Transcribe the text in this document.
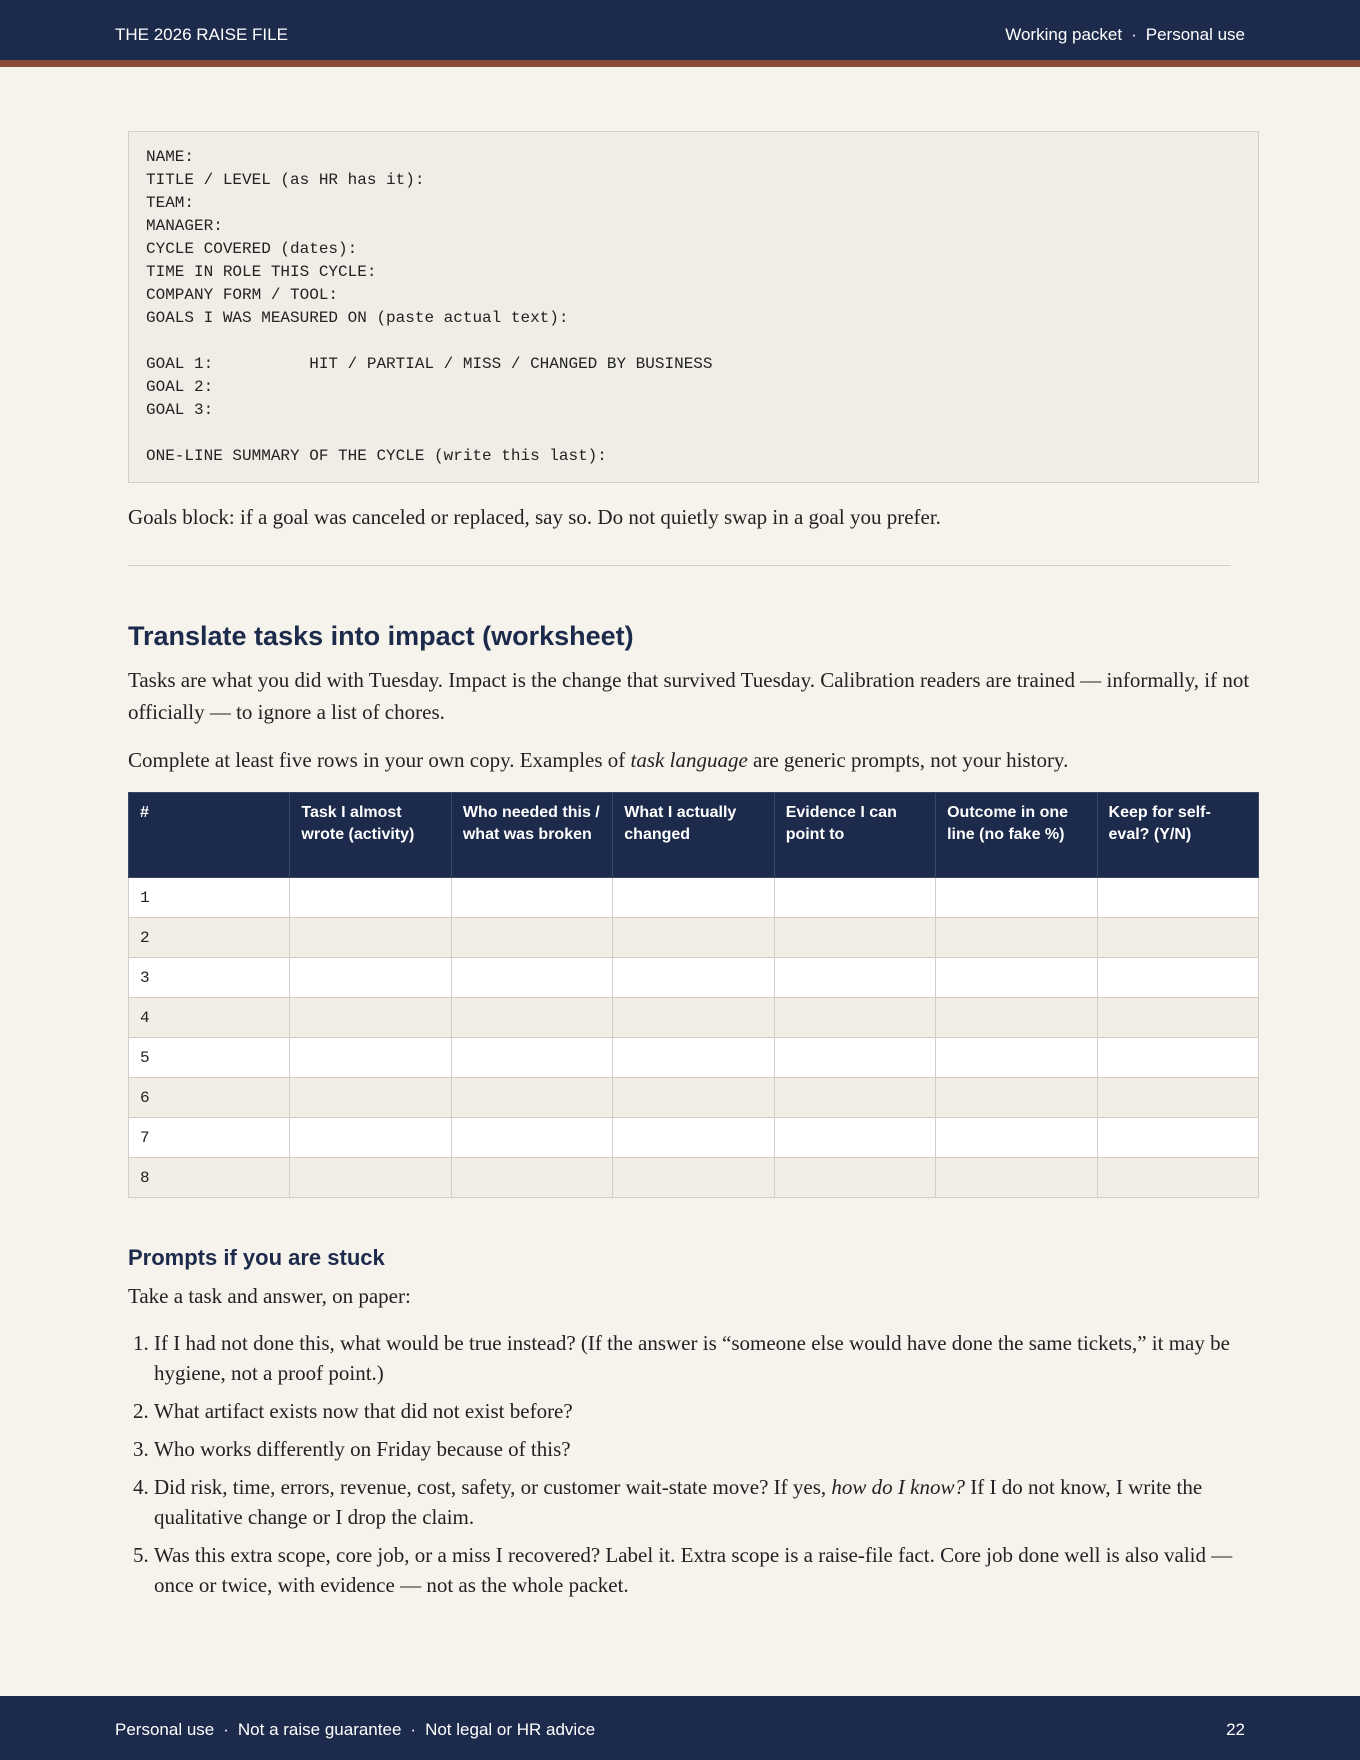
THE 2026 RAISE FILE	Working packet · Personal use
NAME:
TITLE / LEVEL (as HR has it):
TEAM:
MANAGER:
CYCLE COVERED (dates):
TIME IN ROLE THIS CYCLE:
COMPANY FORM / TOOL:
GOALS I WAS MEASURED ON (paste actual text):

GOAL 1:          HIT / PARTIAL / MISS / CHANGED BY BUSINESS
GOAL 2:
GOAL 3:

ONE-LINE SUMMARY OF THE CYCLE (write this last):

Goals block: if a goal was canceled or replaced, say so. Do not quietly swap in a goal you prefer.

Translate tasks into impact (worksheet)

Tasks are what you did with Tuesday. Impact is the change that survived Tuesday. Calibration readers are trained — informally, if not officially — to ignore a list of chores.

Complete at least five rows in your own copy. Examples of task language are generic prompts, not your history.

#	Task I almost wrote (activity)	Who needed this / what was broken	What I actually changed	Evidence I can point to	Outcome in one line (no fake %)	Keep for self-eval? (Y/N)
1						
2						
3						
4						
5						
6						
7						
8						
Prompts if you are stuck

Take a task and answer, on paper:

1. If I had not done this, what would be true instead? (If the answer is “someone else would have done the same tickets,” it may be hygiene, not a proof point.)
2. What artifact exists now that did not exist before?
3. Who works differently on Friday because of this?
4. Did risk, time, errors, revenue, cost, safety, or customer wait-state move? If yes, how do I know? If I do not know, I write the qualitative change or I drop the claim.
5. Was this extra scope, core job, or a miss I recovered? Label it. Extra scope is a raise-file fact. Core job done well is also valid — once or twice, with evidence — not as the whole packet.
Personal use · Not a raise guarantee · Not legal or HR advice	22
